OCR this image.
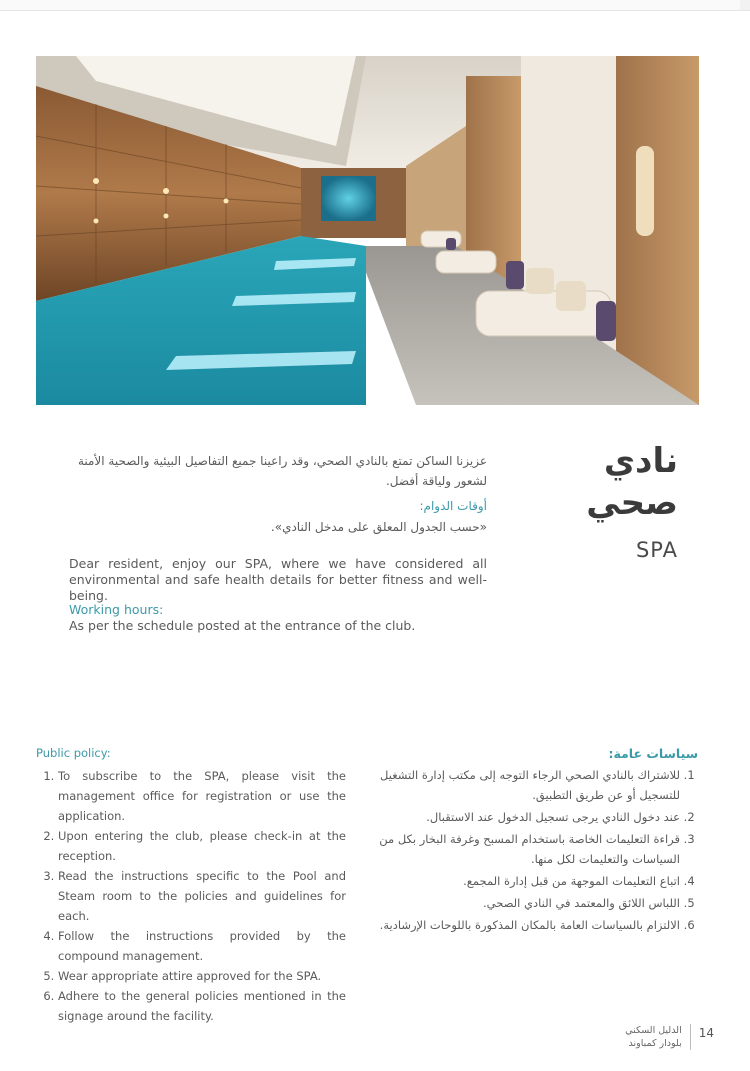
نادي صحي
SPA
عزيزنا الساكن تمتع بالنادي الصحي، وقد راعينا جميع التفاصيل البيئية والصحية الأمنة لشعور ولياقة أفضل.
أوقات الدوام:
«حسب الجدول المعلق على مدخل النادي».
Dear resident, enjoy our SPA, where we have considered all environmental and safe health details for better fitness and well-being.
Working hours:
As per the schedule posted at the entrance of the club.
Public policy:
1. To subscribe to the SPA, please visit the management office for registration or use the application.
2. Upon entering the club, please check-in at the reception.
3. Read the instructions specific to the Pool and Steam room to the policies and guidelines for each.
4. Follow the instructions provided by the compound management.
5. Wear appropriate attire approved for the SPA.
6. Adhere to the general policies mentioned in the signage around the facility.
سياسات عامة:
1. للاشتراك بالنادي الصحي الرجاء التوجه إلى مكتب إدارة التشغيل للتسجيل أو عن طريق التطبيق.
2. عند دخول النادي يرجى تسجيل الدخول عند الاستقبال.
3. قراءة التعليمات الخاصة باستخدام المسبح وغرفة البخار بكل من السياسات والتعليمات لكل منها.
4. اتباع التعليمات الموجهة من قبل إدارة المجمع.
5. اللباس اللائق والمعتمد في النادي الصحي.
6. الالتزام بالسياسات العامة بالمكان المذكورة باللوحات الإرشادية.
الدليل السكني
بلودار كمباوند
14
